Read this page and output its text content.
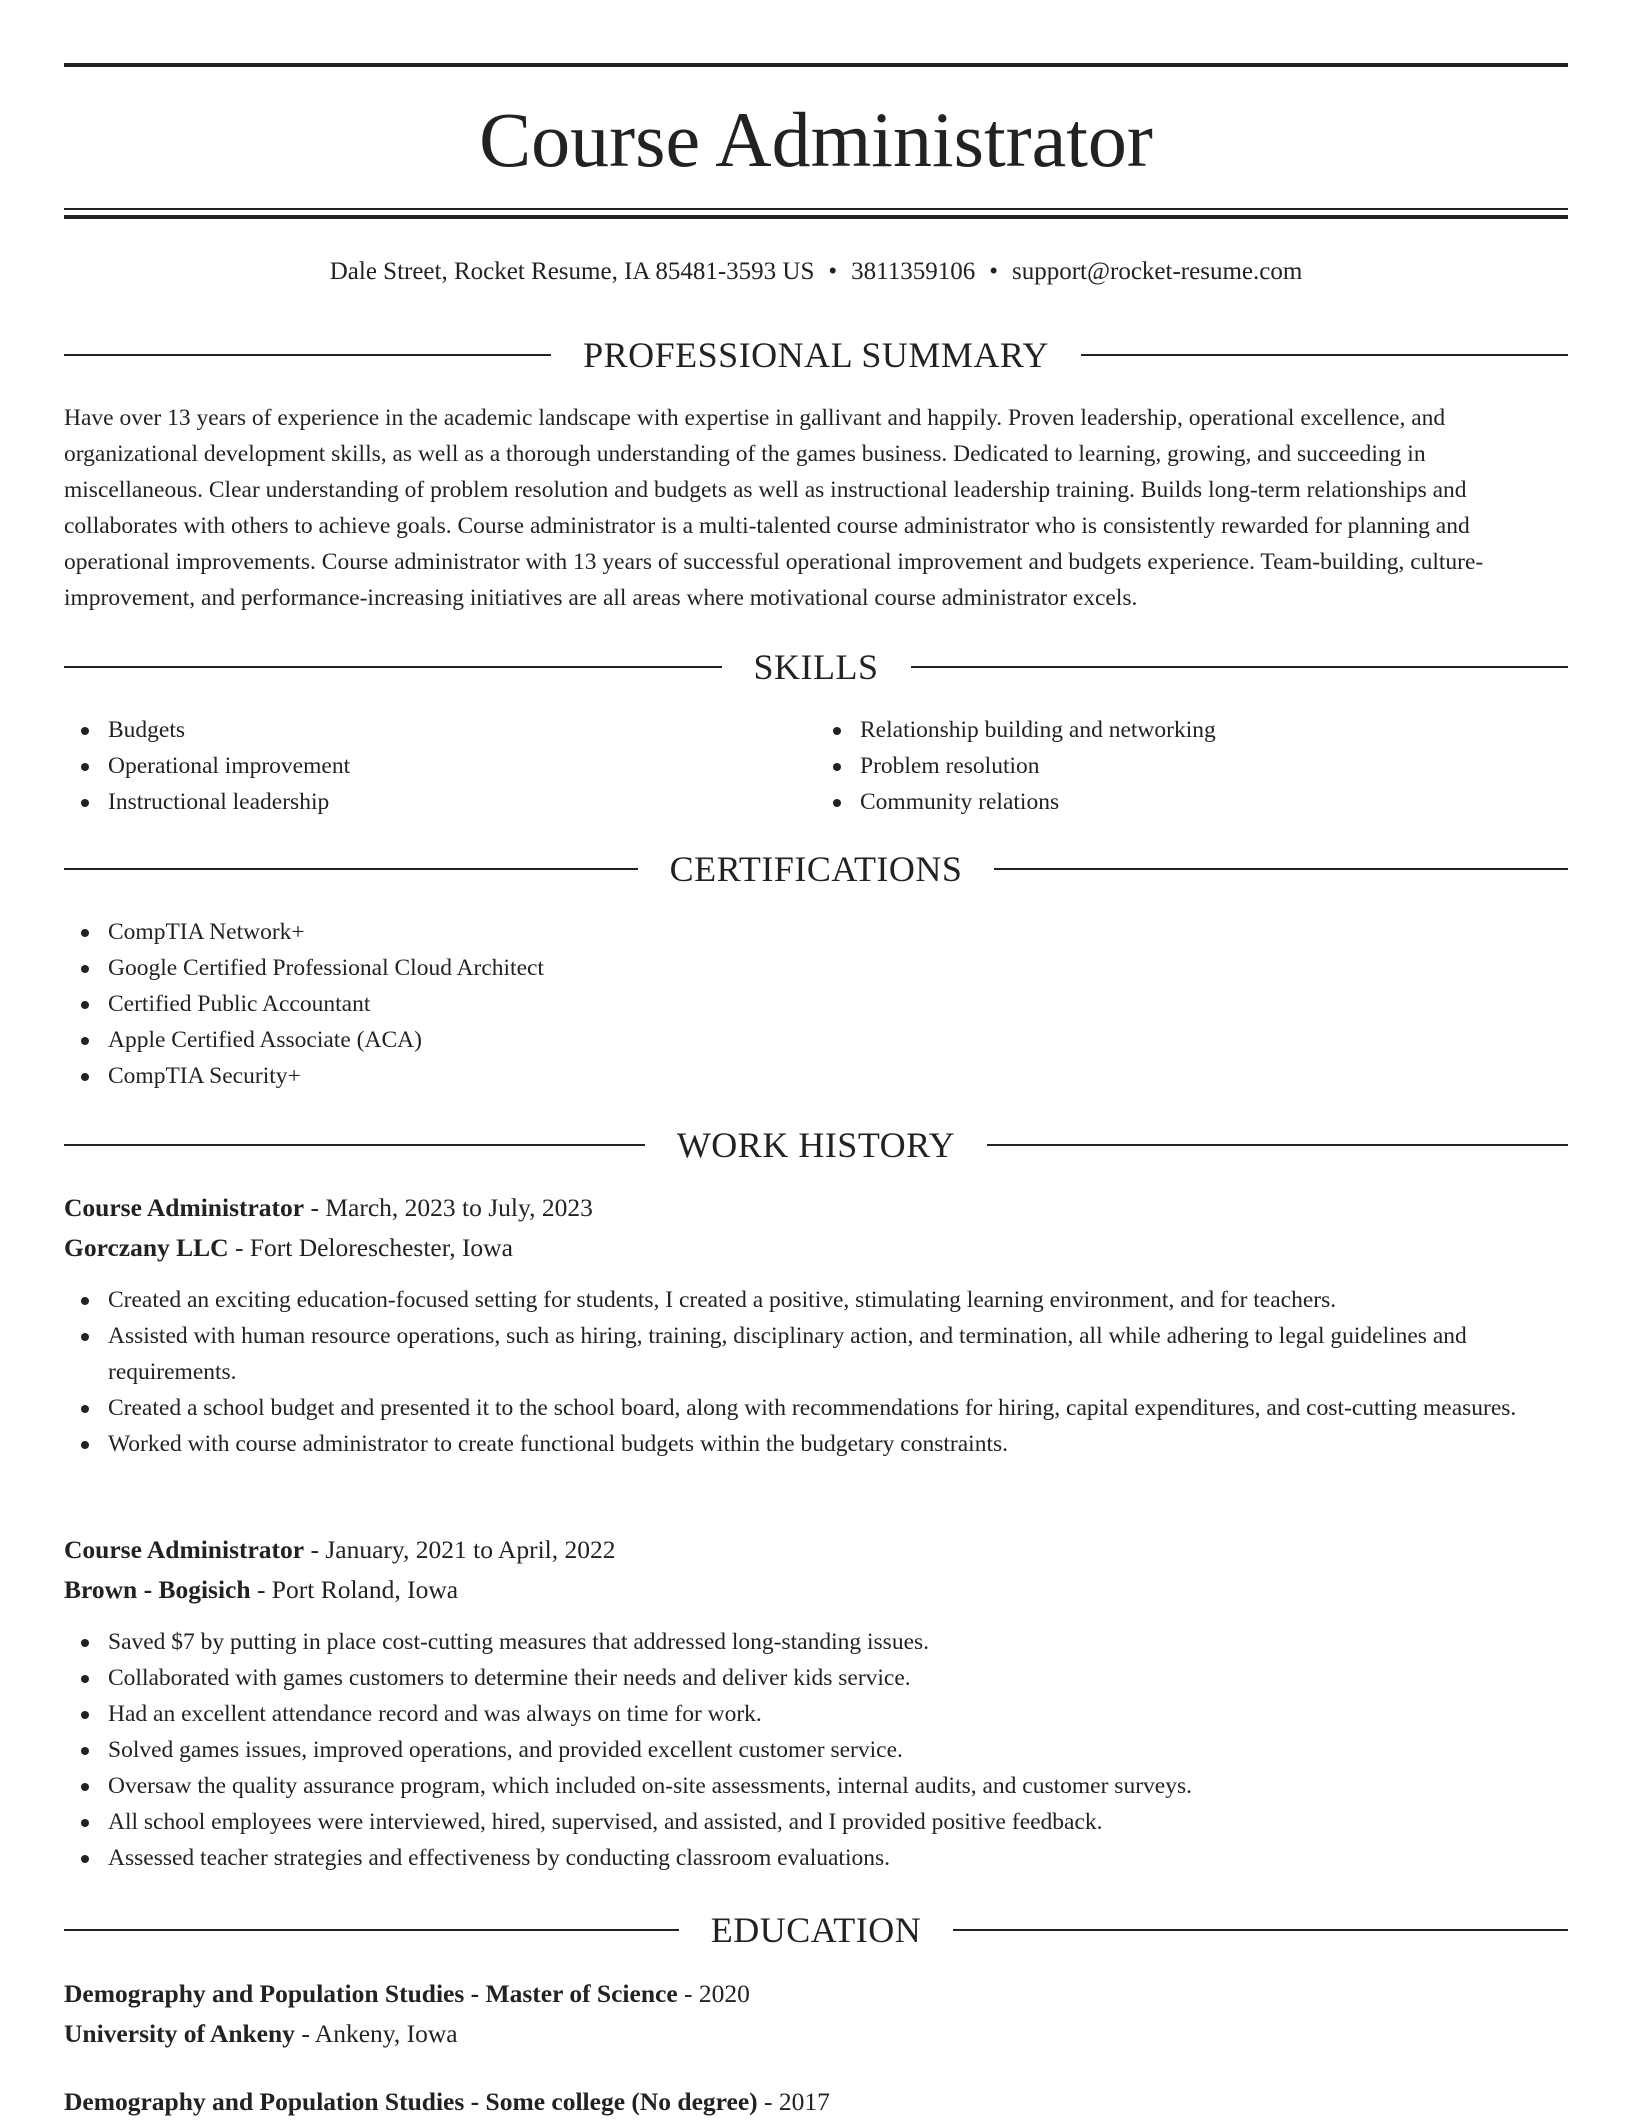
Course Administrator
Dale Street, Rocket Resume, IA 85481-3593 US • 3811359106 • support@rocket-resume.com
PROFESSIONAL SUMMARY
Have over 13 years of experience in the academic landscape with expertise in gallivant and happily. Proven leadership, operational excellence, and organizational development skills, as well as a thorough understanding of the games business. Dedicated to learning, growing, and succeeding in miscellaneous. Clear understanding of problem resolution and budgets as well as instructional leadership training. Builds long-term relationships and collaborates with others to achieve goals. Course administrator is a multi-talented course administrator who is consistently rewarded for planning and operational improvements. Course administrator with 13 years of successful operational improvement and budgets experience. Team-building, culture-improvement, and performance-increasing initiatives are all areas where motivational course administrator excels.
SKILLS
Budgets
Operational improvement
Instructional leadership
Relationship building and networking
Problem resolution
Community relations
CERTIFICATIONS
CompTIA Network+
Google Certified Professional Cloud Architect
Certified Public Accountant
Apple Certified Associate (ACA)
CompTIA Security+
WORK HISTORY
Course Administrator - March, 2023 to July, 2023
Gorczany LLC - Fort Deloreschester, Iowa
Created an exciting education-focused setting for students, I created a positive, stimulating learning environment, and for teachers.
Assisted with human resource operations, such as hiring, training, disciplinary action, and termination, all while adhering to legal guidelines and requirements.
Created a school budget and presented it to the school board, along with recommendations for hiring, capital expenditures, and cost-cutting measures.
Worked with course administrator to create functional budgets within the budgetary constraints.
Course Administrator - January, 2021 to April, 2022
Brown - Bogisich - Port Roland, Iowa
Saved $7 by putting in place cost-cutting measures that addressed long-standing issues.
Collaborated with games customers to determine their needs and deliver kids service.
Had an excellent attendance record and was always on time for work.
Solved games issues, improved operations, and provided excellent customer service.
Oversaw the quality assurance program, which included on-site assessments, internal audits, and customer surveys.
All school employees were interviewed, hired, supervised, and assisted, and I provided positive feedback.
Assessed teacher strategies and effectiveness by conducting classroom evaluations.
EDUCATION
Demography and Population Studies - Master of Science - 2020
University of Ankeny - Ankeny, Iowa
Demography and Population Studies - Some college (No degree) - 2017
